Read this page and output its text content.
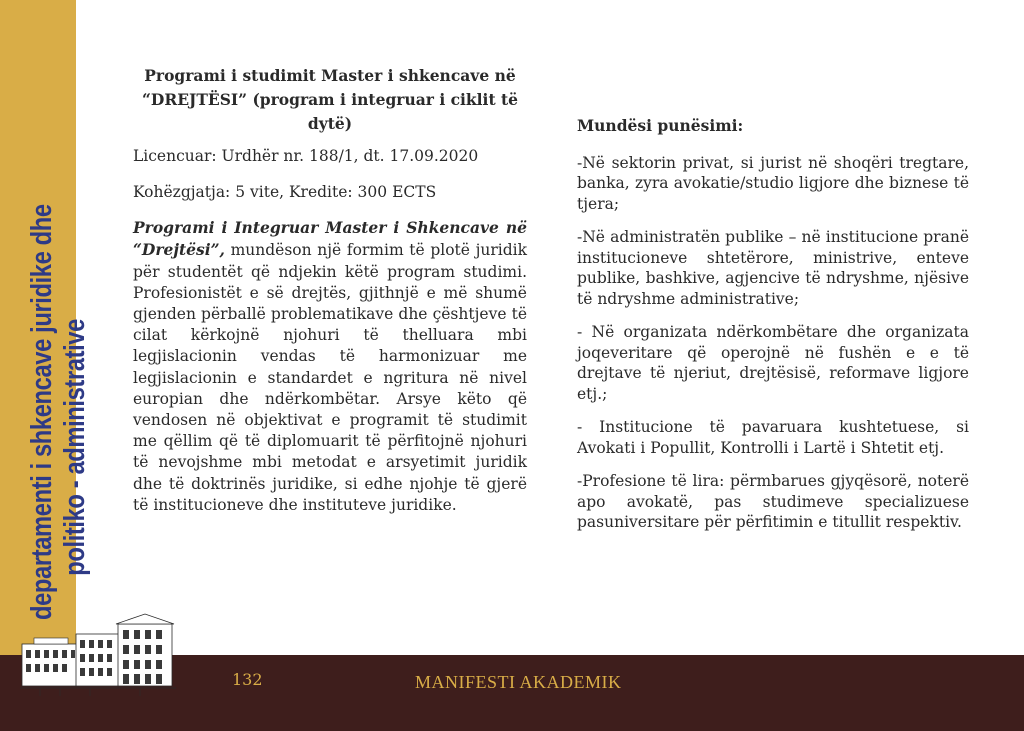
departamenti i shkencave juridike dhe politiko - administrative
132	MANIFESTI AKADEMIK

Programi i studimit Master i shkencave në “DREJTËSI” (program i integruar i ciklit të dytë)

Licencuar: Urdhër nr. 188/1, dt. 17.09.2020

Kohëzgjatja: 5 vite, Kredite: 300 ECTS

Programi i Integruar Master i Shkencave në “Drejtësi”, mundëson një formim të plotë juridik për studentët që ndjekin këtë program studimi. Profesionistët e së drejtës, gjithnjë e më shumë gjenden përballë problematikave dhe çështjeve të cilat kërkojnë njohuri të thelluara mbi legjislacionin vendas të harmonizuar me legjislacionin e standardet e ngritura në nivel europian dhe ndërkombëtar. Arsye këto që vendosen në objektivat e programit të studimit me qëllim që të diplomuarit të përfitojnë njohuri të nevojshme mbi metodat e arsyetimit juridik dhe të doktrinës juridike, si edhe njohje të gjerë të institucioneve dhe instituteve juridike.

Mundësi punësimi:

-Në sektorin privat, si jurist në shoqëri tregtare, banka, zyra avokatie/studio ligjore dhe biznese të tjera;

-Në administratën publike – në institucione pranë institucioneve shtetërore, ministrive, enteve publike, bashkive, agjencive të ndryshme, njësive të ndryshme administrative;

- Në organizata ndërkombëtare dhe organizata joqeveritare që operojnë në fushën e e të drejtave të njeriut, drejtësisë, reformave ligjore etj.;

- Institucione të pavaruara kushtetuese, si Avokati i Popullit, Kontrolli i Lartë i Shtetit etj.

-Profesione të lira: përmbarues gjyqësorë, noterë apo avokatë, pas studimeve specializuese pasuniversitare për përfitimin e titullit respektiv.
